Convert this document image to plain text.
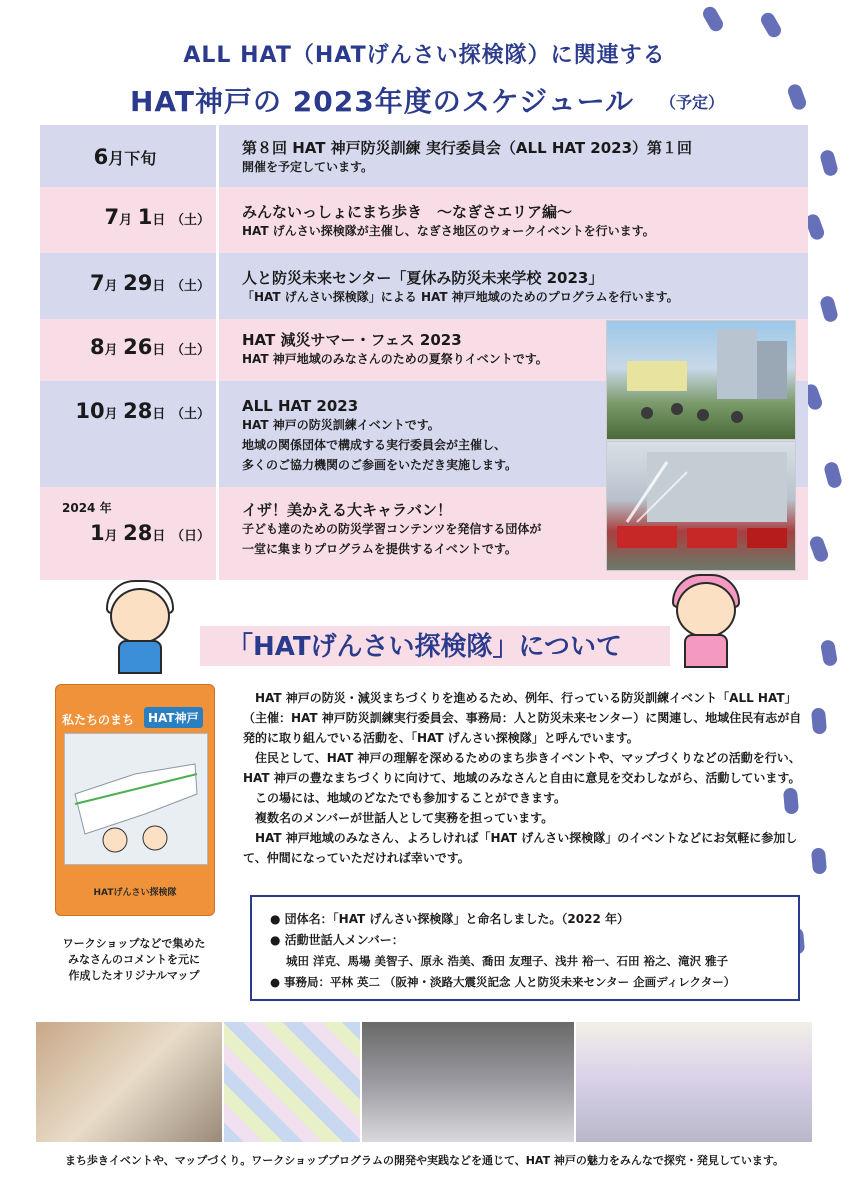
ALL HAT（HATげんさい探検隊）に関連する
HAT神戸の 2023年度のスケジュール （予定）
6月下旬
第８回 HAT 神戸防災訓練 実行委員会（ALL HAT 2023）第１回
開催を予定しています。
7月 1日 （土） みんないっしょにまち歩き　～なぎさエリア編～
HAT げんさい探検隊が主催し、なぎさ地区のウォークイベントを行います。
7月 29日 （土） 人と防災未来センター「夏休み防災未来学校 2023」
「HAT げんさい探検隊」による HAT 神戸地域のためのプログラムを行います。
8月 26日 （土）
HAT 減災サマー・フェス 2023
HAT 神戸地域のみなさんのための夏祭りイベントです。
10月 28日 （土） ALL HAT 2023
HAT 神戸の防災訓練イベントです。
地域の関係団体で構成する実行委員会が主催し、
多くのご協力機関のご参画をいただき実施します。
2024 年
1月 28日 （日）
イザ！美かえる大キャラバン！
子ども達のための防災学習コンテンツを発信する団体が
一堂に集まりプログラムを提供するイベントです。
「HATげんさい探検隊」について
私たちのまち	HAT神戸
HATげんさい探検隊
ワークショップなどで集めた
みなさんのコメントを元に
作成したオリジナルマップ

HAT 神戸の防災・減災まちづくりを進めるため、例年、行っている防災訓練イベント「ALL HAT」（主催：HAT 神戸防災訓練実行委員会、事務局：人と防災未来センター）に関連し、地域住民有志が自発的に取り組んでいる活動を、「HAT げんさい探検隊」と呼んでいます。

住民として、HAT 神戸の理解を深めるためのまち歩きイベントや、マップづくりなどの活動を行い、HAT 神戸の豊なまちづくりに向けて、地域のみなさんと自由に意見を交わしながら、活動しています。

この場には、地域のどなたでも参加することができます。

複数名のメンバーが世話人として実務を担っています。

HAT 神戸地域のみなさん、よろしければ「HAT げんさい探検隊」のイベントなどにお気軽に参加して、仲間になっていただければ幸いです。

● 団体名：「HAT げんさい探検隊」と命名しました。（2022 年）
● 活動世話人メンバー：
城田 洋克、馬場 美智子、原永 浩美、喬田 友理子、浅井 裕一、石田 裕之、滝沢 雅子
● 事務局：平林 英二 （阪神・淡路大震災記念 人と防災未来センター 企画ディレクター）
まち歩きイベントや、マップづくり。ワークショッププログラムの開発や実践などを通じて、HAT 神戸の魅力をみんなで探究・発見しています。
